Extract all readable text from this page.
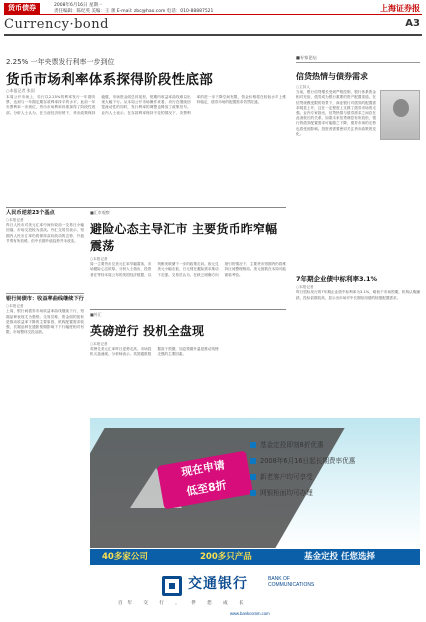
货币债券	2008年6月16日 星期一
责任编辑：陈纪英 美编：王 蕾 E-mail: zbc@hao.com 电话：010-88887521	上海证券报
Currency·bond	A3
2.25% 一年央票发行利率一步到位
货币市场利率体系探得阶段性底部
○本报记者 张国
本周公开市场上，央行以2.25%的利率发行一年期央票，达到与一年期定期存款利率持平的水平，此前一年央票利率一步到位，货币市场利率体系探得了阶段性底部。分析人士认为，在当前经济形势下，货币政策保持稳健，市场资金面总体宽松，短期内收益率曲线难以出现大幅下行。从本周公开市场操作来看，央行在继续回笼流动性的同时，发行利率的调整也释放了政策信号。业内人士表示，在存款利率保持不变的情况下，央票利率的进一步下降空间有限，资金价格将在较低水平上维持稳定，债券市场的配置需求仍然旺盛。
人民币逆差23个基点
○本报记者
昨日人民币对美元汇率中间价较前一交易日小幅回落，市场交投较为清淡。外汇交易员表示，短期内人民币汇率仍将保持双向波动的态势，升值节奏有所放缓，但中长期升值趋势并未改变。
银行间债市：收益率曲线继续下行
○本报记者
上周，银行间债券市场收益率曲线继续下行，短端品种表现尤为强势。交易员称，资金面的宽松是推动收益率下降的主要原因，机构配置需求较强，长端品种在通胀预期影响下下行幅度相对有限，市场整体交投活跃。
■汇市观察
避险心态主导汇市 主要货币昨窄幅震荡
○本报记者
周一主要货币兑美元汇率窄幅震荡，市场避险心态浓厚。分析人士指出，投资者在等待本周公布的美国经济数据，以判断美联储下一步的政策走向。欧元兑美元小幅走低，日元则在避险需求推动下走强。交易员认为，在缺乏明确方向指引的情况下，主要货币短期内仍将维持区间整理格局。美元指数在本周可能面临考验。
■外汇
英磅逆行 投机全盘现
○本报记者
英镑兑美元汇率昨日逆势走高，市场投机买盘涌现。分析师表示，英国通胀数据高于预期，加息预期升温是推动英镑走强的主要因素。
■专家论坛
信贷热情与债券需求
○主持人
当前，银行信贷增长受到严格控制，银行体系资金相对充裕，债券成为银行重要的资产配置渠道。在信贷规模受限的背景下，商业银行对债券的配置需求明显上升，这在一定程度上支撑了债券市场的走强。业内专家指出，信贷热情与债券需求之间存在此消彼长的关系，如果未来信贷调控有所放松，银行的债券配置需求可能随之下降，债券市场的走势也将受到影响。投资者需要密切关注货币政策的变化。
7年期企业债中标利率3.1%
○本报记者
昨日招标发行的7年期企业债中标利率为3.1%，略低于市场预期。机构认购踊跃，投标倍数较高，显示出市场对中长期信用债的较强配置需求。
现在申请
低至8折
基金定投即刻8折优惠
2008年6月16日起长期费率优惠
新老客户均可享受
网银柜面均可办理
具体优惠基金请见公告
40多家公司	200多只产品	基金定投 任您选择
交通银行	BANK OF
COMMUNICATIONS
百年 交 行 ， 伴 您 成 长
www.bankcomm.com
